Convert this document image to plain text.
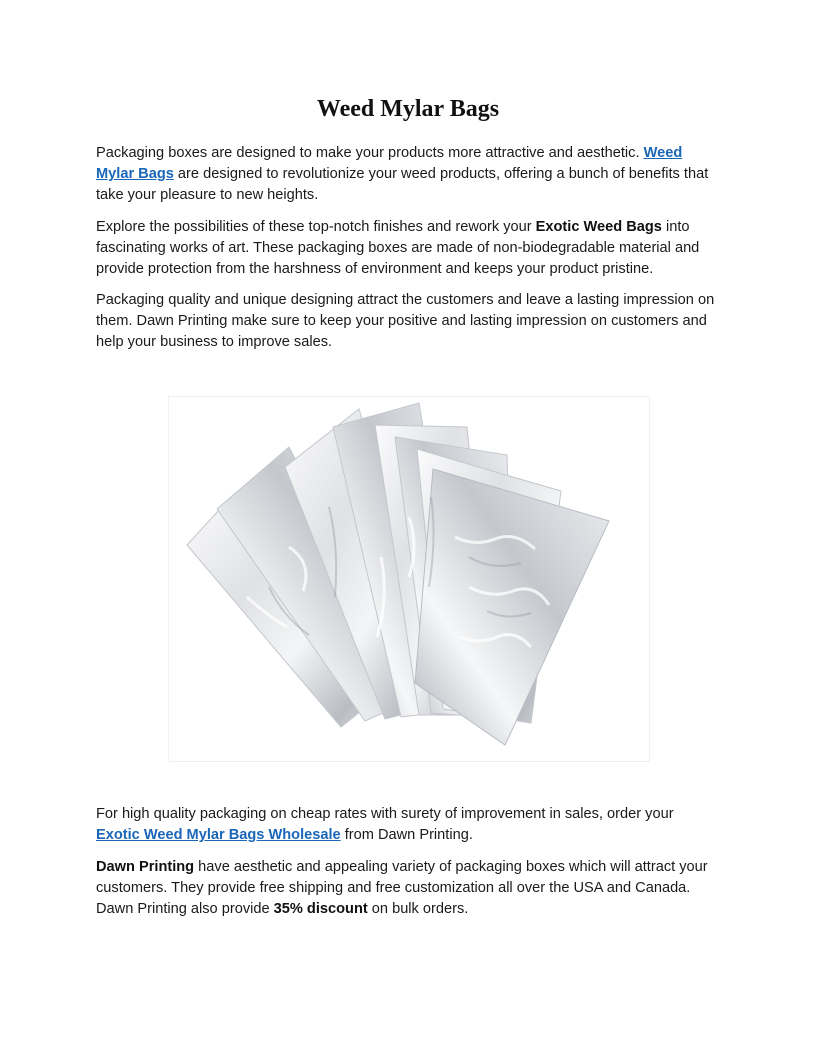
Weed Mylar Bags

Packaging boxes are designed to make your products more attractive and aesthetic. Weed Mylar Bags are designed to revolutionize your weed products, offering a bunch of benefits that take your pleasure to new heights.

Explore the possibilities of these top-notch finishes and rework your Exotic Weed Bags into fascinating works of art. These packaging boxes are made of non-biodegradable material and provide protection from the harshness of environment and keeps your product pristine.

Packaging quality and unique designing attract the customers and leave a lasting impression on them. Dawn Printing make sure to keep your positive and lasting impression on customers and help your business to improve sales.

For high quality packaging on cheap rates with surety of improvement in sales, order your Exotic Weed Mylar Bags Wholesale from Dawn Printing.

Dawn Printing have aesthetic and appealing variety of packaging boxes which will attract your customers. They provide free shipping and free customization all over the USA and Canada. Dawn Printing also provide 35% discount on bulk orders.
